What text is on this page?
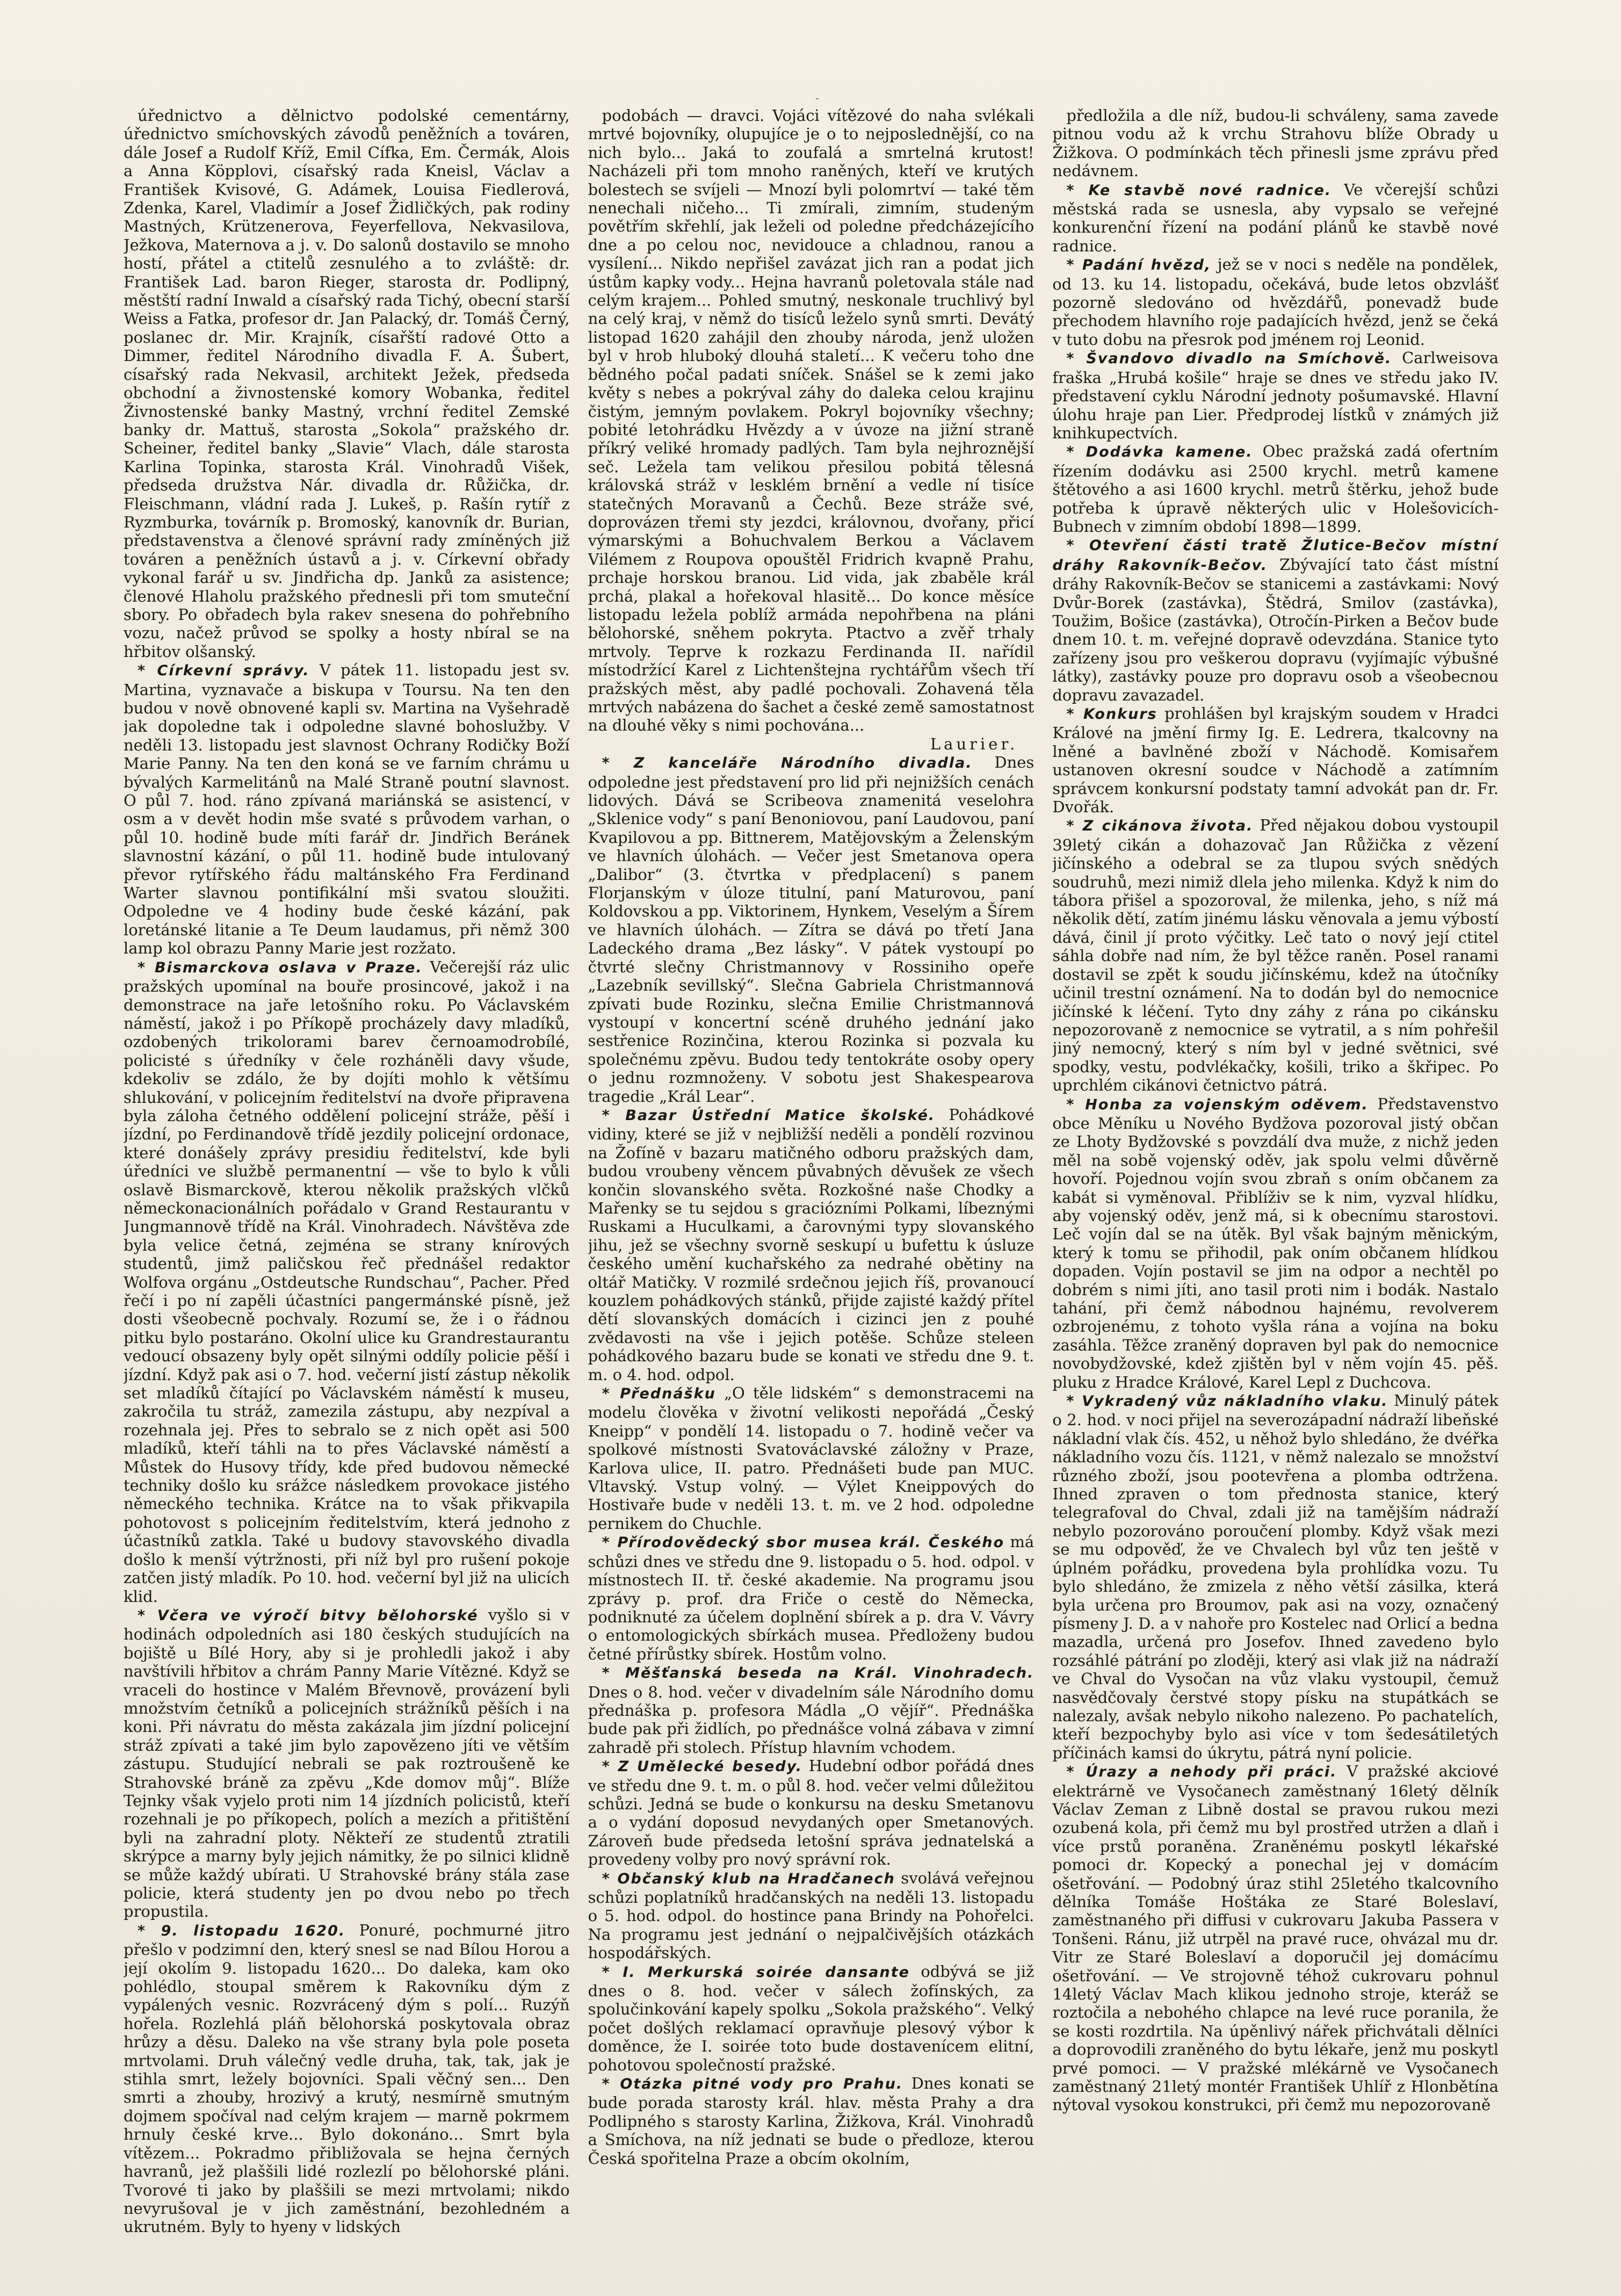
-

úřednictvo a dělnictvo podolské cementárny, úřednictvo smíchovských závodů peněžních a továren, dále Josef a Rudolf Kříž, Emil Cífka, Em. Čermák, Alois a Anna Köpplovi, císařský rada Kneisl, Václav a František Kvisové, G. Adámek, Louisa Fiedlerová, Zdenka, Karel, Vladimír a Josef Židličkých, pak rodiny Mastných, Krützenerova, Feyerfellova, Nekvasilova, Ježkova, Maternova a j. v. Do salonů dostavilo se mnoho hostí, přátel a ctitelů zesnulého a to zvláště: dr. František Lad. baron Rieger, starosta dr. Podlipný, městští radní Inwald a císařský rada Tichý, obecní starší Weiss a Fatka, profesor dr. Jan Palacký, dr. Tomáš Černý, poslanec dr. Mir. Krajník, císařští radové Otto a Dimmer, ředitel Národního divadla F. A. Šubert, císařský rada Nekvasil, architekt Ježek, předseda obchodní a živnostenské komory Wobanka, ředitel Živnostenské banky Mastný, vrchní ředitel Zemské banky dr. Mattuš, starosta „Sokola“ pražského dr. Scheiner, ředitel banky „Slavie“ Vlach, dále starosta Karlina Topinka, starosta Král. Vinohradů Višek, předseda družstva Nár. divadla dr. Růžička, dr. Fleischmann, vládní rada J. Lukeš, p. Rašín rytíř z Ryzmburka, továrník p. Bromoský, kanovník dr. Burian, představenstva a členové správní rady zmíněných již továren a peněžních ústavů a j. v. Církevní obřady vykonal farář u sv. Jindřicha dp. Janků za asistence; členové Hlaholu pražského přednesli při tom smuteční sbory. Po obřadech byla rakev snesena do pohřebního vozu, načež průvod se spolky a hosty nbíral se na hřbitov olšanský.

* Církevní správy. V pátek 11. listopadu jest sv. Martina, vyznavače a biskupa v Toursu. Na ten den budou v nově obnovené kapli sv. Martina na Vyšehradě jak dopoledne tak i odpoledne slavné bohoslužby. V neděli 13. listopadu jest slavnost Ochrany Rodičky Boží Marie Panny. Na ten den koná se ve farním chrámu u bývalých Karmelitánů na Malé Straně poutní slavnost. O půl 7. hod. ráno zpívaná mariánská se asistencí, v osm a v devět hodin mše svaté s průvodem varhan, o půl 10. hodině bude míti farář dr. Jindřich Beránek slavnostní kázání, o půl 11. hodině bude intulovaný převor rytířského řádu maltánského Fra Ferdinand Warter slavnou pontifikální mši svatou sloužiti. Odpoledne ve 4 hodiny bude české kázání, pak loretánské litanie a Te Deum laudamus, při němž 300 lamp kol obrazu Panny Marie jest rozžato.

* Bismarckova oslava v Praze. Večerejší ráz ulic pražských upomínal na bouře prosincové, jakož i na demonstrace na jaře letošního roku. Po Václavském náměstí, jakož i po Příkopě procházely davy mladíků, ozdobených trikolorami barev černoamodrobílé, policisté s úředníky v čele rozháněli davy všude, kdekoliv se zdálo, že by dojíti mohlo k většímu shlukování, v policejním ředitelství na dvoře připravena byla záloha četného oddělení policejní stráže, pěší i jízdní, po Ferdinandově třídě jezdily policejní ordonace, které donášely zprávy presidiu ředitelství, kde byli úředníci ve službě permanentní — vše to bylo k vůli oslavě Bismarckově, kterou několik pražských vlčků německonacionálních pořádalo v Grand Restaurantu v Jungmannově třídě na Král. Vinohradech. Návštěva zde byla velice četná, zejména se strany knírových studentů, jimž paličskou řeč přednášel redaktor Wolfova orgánu „Ostdeutsche Rundschau“, Pacher. Před řečí i po ní zapěli účastníci pangermánské písně, jež dosti všeobecně pochvaly. Rozumí se, že i o řádnou pitku bylo postaráno. Okolní ulice ku Grandrestaurantu vedoucí obsazeny byly opět silnými oddíly policie pěší i jízdní. Když pak asi o 7. hod. večerní jistí zástup několik set mladíků čítající po Václavském náměstí k museu, zakročila tu stráž, zamezila zástupu, aby nezpíval a rozehnala jej. Přes to sebralo se z nich opět asi 500 mladíků, kteří táhli na to přes Václavské náměstí a Můstek do Husovy třídy, kde před budovou německé techniky došlo ku srážce následkem provokace jistého německého technika. Krátce na to však přikvapila pohotovost s policejním ředitelstvím, která jednoho z účastníků zatkla. Také u budovy stavovského divadla došlo k menší výtržnosti, při níž byl pro rušení pokoje zatčen jistý mladík. Po 10. hod. večerní byl již na ulicích klid.

* Včera ve výročí bitvy bělohorské vyšlo si v hodinách odpoledních asi 180 českých studujících na bojiště u Bílé Hory, aby si je prohledli jakož i aby navštívili hřbitov a chrám Panny Marie Vítězné. Když se vraceli do hostince v Malém Břevnově, provázení byli množstvím četníků a policejních strážníků pěších i na koni. Při návratu do města zakázala jim jízdní policejní stráž zpívati a také jim bylo zapovězeno jíti ve větším zástupu. Studující nebrali se pak roztroušeně ke Strahovské bráně za zpěvu „Kde domov můj“. Blíže Tejnky však vyjelo proti nim 14 jízdních policistů, kteří rozehnali je po příkopech, polích a mezích a přitištění byli na zahradní ploty. Někteří ze studentů ztratili skrýpce a marny byly jejich námitky, že po silnici klidně se může každý ubírati. U Strahovské brány stála zase policie, která studenty jen po dvou nebo po třech propustila.

* 9. listopadu 1620. Ponuré, pochmurné jitro přešlo v podzimní den, který snesl se nad Bílou Horou a její okolím 9. listopadu 1620... Do daleka, kam oko pohlédlo, stoupal směrem k Rakovníku dým z vypálených vesnic. Rozvrácený dým s polí... Ruzýň hořela. Rozlehlá pláň bělohorská poskytovala obraz hrůzy a děsu. Daleko na vše strany byla pole poseta mrtvolami. Druh válečný vedle druha, tak, tak, jak je stihla smrt, ležely bojovníci. Spali věčný sen... Den smrti a zhouby, hrozivý a krutý, nesmírně smutným dojmem spočíval nad celým krajem — marně pokrmem hrnuly české krve... Bylo dokonáno... Smrt byla vítězem... Pokradmo přibližovala se hejna černých havranů, jež plaššili lidé rozlezlí po bělohorské pláni. Tvorové ti jako by plaššili se mezi mrtvolami; nikdo nevyrušoval je v jich zaměstnání, bezohledném a ukrutném. Byly to hyeny v lidských

podobách — dravci. Vojáci vítězové do naha svlékali mrtvé bojovníky, olupujíce je o to nejposlednější, co na nich bylo... Jaká to zoufalá a smrtelná krutost! Nacházeli při tom mnoho raněných, kteří ve krutých bolestech se svíjeli — Mnozí byli polomrtví — také těm nenechali ničeho... Ti zmírali, zimním, studeným povětřím skřehlí, jak leželi od poledne předcházejícího dne a po celou noc, nevidouce a chladnou, ranou a vysílení... Nikdo nepřišel zavázat jich ran a podat jich ústům kapky vody... Hejna havranů poletovala stále nad celým krajem... Pohled smutný, neskonale truchlivý byl na celý kraj, v němž do tisíců leželo synů smrti. Devátý listopad 1620 zahájil den zhouby národa, jenž uložen byl v hrob hluboký dlouhá staletí... K večeru toho dne bědného počal padati sníček. Snášel se k zemi jako květy s nebes a pokrýval záhy do daleka celou krajinu čistým, jemným povlakem. Pokryl bojovníky všechny; pobité letohrádku Hvězdy a v úvoze na jižní straně příkrý veliké hromady padlých. Tam byla nejhroznější seč. Ležela tam velikou přesilou pobitá tělesná královská stráž v lesklém brnění a vedle ní tisíce statečných Moravanů a Čechů. Beze stráže své, doprovázen třemi sty jezdci, královnou, dvořany, přicí výmarskými a Bohuchvalem Berkou a Václavem Vilémem z Roupova opouštěl Fridrich kvapně Prahu, prchaje horskou branou. Lid vida, jak zbaběle král prchá, plakal a hořekoval hlasitě... Do konce měsíce listopadu ležela poblíž armáda nepohřbena na pláni bělohorské, sněhem pokryta. Ptactvo a zvěř trhaly mrtvoly. Teprve k rozkazu Ferdinanda II. nařídil místodržící Karel z Lichtenštejna rychtářům všech tří pražských měst, aby padlé pochovali. Zohavená těla mrtvých nabázena do šachet a české země samostatnost na dlouhé věky s nimi pochována...

Laurier.

* Z kanceláře Národního divadla. Dnes odpoledne jest představení pro lid při nejnižších cenách lidových. Dává se Scribeova znamenitá veselohra „Sklenice vody“ s paní Benoniovou, paní Laudovou, paní Kvapilovou a pp. Bittnerem, Matějovským a Želenským ve hlavních úlohách. — Večer jest Smetanova opera „Dalibor“ (3. čtvrtka v předplacení) s panem Florjanským v úloze titulní, paní Maturovou, paní Koldovskou a pp. Viktorinem, Hynkem, Veselým a Šírem ve hlavních úlohách. — Zítra se dává po třetí Jana Ladeckého drama „Bez lásky“. V pátek vystoupí po čtvrté slečny Christmannovy v Rossiniho opeře „Lazebník sevillský“. Slečna Gabriela Christmannová zpívati bude Rozinku, slečna Emilie Christmannová vystoupí v koncertní scéně druhého jednání jako sestřenice Rozinčina, kterou Rozinka si pozvala ku společnému zpěvu. Budou tedy tentokráte osoby opery o jednu rozmnoženy. V sobotu jest Shakespearova tragedie „Král Lear“.

* Bazar Ústřední Matice školské. Pohádkové vidiny, které se již v nejbližší neděli a pondělí rozvinou na Žofíně v bazaru matičného odboru pražských dam, budou vroubeny věncem půvabných děvušek ze všech končin slovanského světa. Rozkošné naše Chodky a Mařenky se tu sejdou s graciózními Polkami, líbeznými Ruskami a Huculkami, a čarovnými typy slovanského jihu, jež se všechny svorně seskupí u bufettu k úsluze českého umění kuchařského za nedrahé obětiny na oltář Matičky. V rozmilé srdečnou jejich říš, provanoucí kouzlem pohádkových stánků, přijde zajisté každý přítel dětí slovanských domácích i cizinci jen z pouhé zvědavosti na vše i jejich potěše. Schůze steleen pohádkového bazaru bude se konati ve středu dne 9. t. m. o 4. hod. odpol.

* Přednášku „O těle lidském“ s demonstracemi na modelu člověka v životní velikosti nepořádá „Český Kneipp“ v pondělí 14. listopadu o 7. hodině večer va spolkové místnosti Svatováclavské záložny v Praze, Karlova ulice, II. patro. Přednášeti bude pan MUC. Vltavský. Vstup volný. — Výlet Kneippových do Hostivaře bude v neděli 13. t. m. ve 2 hod. odpoledne pernikem do Chuchle.

* Přírodovědecký sbor musea král. Českého má schůzi dnes ve středu dne 9. listopadu o 5. hod. odpol. v místnostech II. tř. české akademie. Na programu jsou zprávy p. prof. dra Friče o cestě do Německa, podniknuté za účelem doplnění sbírek a p. dra V. Vávry o entomologických sbírkách musea. Předloženy budou četné přírůstky sbírek. Hostům volno.

* Měšťanská beseda na Král. Vinohradech. Dnes o 8. hod. večer v divadelním sále Národního domu přednáška p. profesora Mádla „O vějíř“. Přednáška bude pak při židlích, po přednášce volná zábava v zimní zahradě při stolech. Přístup hlavním vchodem.

* Z Umělecké besedy. Hudební odbor pořádá dnes ve středu dne 9. t. m. o půl 8. hod. večer velmi důležitou schůzi. Jedná se bude o konkursu na desku Smetanovu a o vydání doposud nevydaných oper Smetanových. Zároveň bude předseda letošní správa jednatelská a provedeny volby pro nový správní rok.

* Občanský klub na Hradčanech svolává veřejnou schůzi poplatníků hradčanských na neděli 13. listopadu o 5. hod. odpol. do hostince pana Brindy na Pohořelci. Na programu jest jednání o nejpalčivějších otázkách hospodářských.

* I. Merkurská soirée dansante odbývá se již dnes o 8. hod. večer v sálech žofínských, za spolučinkování kapely spolku „Sokola pražského“. Velký počet došlých reklamací opravňuje plesový výbor k doměnce, že I. soirée toto bude dostavenícem elitní, pohotovou společností pražské.

* Otázka pitné vody pro Prahu. Dnes konati se bude porada starosty král. hlav. města Prahy a dra Podlipného s starosty Karlina, Žižkova, Král. Vinohradů a Smíchova, na níž jednati se bude o předloze, kterou Česká spořitelna Praze a obcím okolním,

předložila a dle níž, budou-li schváleny, sama zavede pitnou vodu až k vrchu Strahovu blíže Obrady u Žižkova. O podmínkách těch přinesli jsme zprávu před nedávnem.

* Ke stavbě nové radnice. Ve včerejší schůzi městská rada se usnesla, aby vypsalo se veřejné konkurenční řízení na podání plánů ke stavbě nové radnice.

* Padání hvězd, jež se v noci s neděle na pondělek, od 13. ku 14. listopadu, očekává, bude letos obzvlášť pozorně sledováno od hvězdářů, ponevadž bude přechodem hlavního roje padajících hvězd, jenž se čeká v tuto dobu na přesrok pod jménem roj Leonid.

* Švandovo divadlo na Smíchově. Carlweisova fraška „Hrubá košile“ hraje se dnes ve středu jako IV. představení cyklu Národní jednoty pošumavské. Hlavní úlohu hraje pan Lier. Předprodej lístků v známých již knihkupectvích.

* Dodávka kamene. Obec pražská zadá ofertním řízením dodávku asi 2500 krychl. metrů kamene štětového a asi 1600 krychl. metrů štěrku, jehož bude potřeba k úpravě některých ulic v Holešovicích-Bubnech v zimním období 1898—1899.

* Otevření části tratě Žlutice-Bečov místní dráhy Rakovník-Bečov. Zbývající tato část místní dráhy Rakovník-Bečov se stanicemi a zastávkami: Nový Dvůr-Borek (zastávka), Štědrá, Smilov (zastávka), Toužim, Bošice (zastávka), Otročín-Pirken a Bečov bude dnem 10. t. m. veřejné dopravě odevzdána. Stanice tyto zařízeny jsou pro veškerou dopravu (vyjímajíc výbušné látky), zastávky pouze pro dopravu osob a všeobecnou dopravu zavazadel.

* Konkurs prohlášen byl krajským soudem v Hradci Králové na jmění firmy Ig. E. Ledrera, tkalcovny na lněné a bavlněné zboží v Náchodě. Komisařem ustanoven okresní soudce v Náchodě a zatímním správcem konkursní podstaty tamní advokát pan dr. Fr. Dvořák.

* Z cikánova života. Před nějakou dobou vystoupil 39letý cikán a dohazovač Jan Růžička z vězení jičínského a odebral se za tlupou svých snědých soudruhů, mezi nimiž dlela jeho milenka. Když k nim do tábora přišel a spozoroval, že milenka, jeho, s níž má několik dětí, zatím jinému lásku věnovala a jemu výbostí dává, činil jí proto výčitky. Leč tato o nový její ctitel sáhla dobře nad ním, že byl těžce raněn. Posel ranami dostavil se zpět k soudu jičínskému, kdež na útočníky učinil trestní oznámení. Na to dodán byl do nemocnice jičínské k léčení. Tyto dny záhy z rána po cikánsku nepozorovaně z nemocnice se vytratil, a s ním pohřešil jiný nemocný, který s ním byl v jedné světnici, své spodky, vestu, podvlékačky, košili, triko a škřipec. Po uprchlém cikánovi četnictvo pátrá.

* Honba za vojenským oděvem. Představenstvo obce Měníku u Nového Bydžova pozoroval jistý občan ze Lhoty Bydžovské s povzdálí dva muže, z nichž jeden měl na sobě vojenský oděv, jak spolu velmi důvěrně hovoří. Pojednou vojín svou zbraň s oním občanem za kabát si vyměnoval. Přiblíživ se k nim, vyzval hlídku, aby vojenský oděv, jenž má, si k obecnímu starostovi. Leč vojín dal se na útěk. Byl však bajným měnickým, který k tomu se přihodil, pak oním občanem hlídkou dopaden. Vojín postavil se jim na odpor a nechtěl po dobrém s nimi jíti, ano tasil proti nim i bodák. Nastalo tahání, při čemž nábodnou hajnému, revolverem ozbrojenému, z tohoto vyšla rána a vojína na boku zasáhla. Těžce zraněný dopraven byl pak do nemocnice novobydžovské, kdež zjištěn byl v něm vojín 45. pěš. pluku z Hradce Králové, Karel Lepl z Duchcova.

* Vykradený vůz nákladního vlaku. Minulý pátek o 2. hod. v noci přijel na severozápadní nádraží libeňské nákladní vlak čís. 452, u něhož bylo shledáno, že dvéřka nákladního vozu čís. 1121, v němž nalezalo se množství různého zboží, jsou pootevřena a plomba odtržena. Ihned zpraven o tom přednosta stanice, který telegrafoval do Chval, zdali již na tamějším nádraží nebylo pozorováno poroučení plomby. Když však mezi se mu odpověď, že ve Chvalech byl vůz ten ještě v úplném pořádku, provedena byla prohlídka vozu. Tu bylo shledáno, že zmizela z něho větší zásilka, která byla určena pro Broumov, pak asi na vozy, označený písmeny J. D. a v nahoře pro Kostelec nad Orlicí a bedna mazadla, určená pro Josefov. Ihned zavedeno bylo rozsáhlé pátrání po zloději, který asi vlak již na nádraží ve Chval do Vysočan na vůz vlaku vystoupil, čemuž nasvědčovaly čerstvé stopy písku na stupátkách se nalezaly, avšak nebylo nikoho nalezeno. Po pachatelích, kteří bezpochyby bylo asi více v tom šedesátiletých příčinách kamsi do úkrytu, pátrá nyní policie.

* Úrazy a nehody při práci. V pražské akciové elektrárně ve Vysočanech zaměstnaný 16letý dělník Václav Zeman z Libně dostal se pravou rukou mezi ozubená kola, při čemž mu byl prostřed utržen a dlaň i více prstů poraněna. Zraněnému poskytl lékařské pomoci dr. Kopecký a ponechal jej v domácím ošetřování. — Podobný úraz stihl 25letého tkalcovního dělníka Tomáše Hoštáka ze Staré Boleslaví, zaměstnaného při diffusi v cukrovaru Jakuba Passera v Tonšeni. Ránu, již utrpěl na pravé ruce, ohvázal mu dr. Vitr ze Staré Boleslaví a doporučil jej domácímu ošetřování. — Ve strojovně téhož cukrovaru pohnul 14letý Václav Mach klikou jednoho stroje, kteráž se roztočila a nebohého chlapce na levé ruce poranila, že se kosti rozdrtila. Na úpěnlivý nářek přichvátali dělníci a doprovodili zraněného do bytu lékaře, jenž mu poskytl prvé pomoci. — V pražské mlékárně ve Vysočanech zaměstnaný 21letý montér František Uhlíř z Hlonbětína nýtoval vysokou konstrukci, při čemž mu nepozorovaně
